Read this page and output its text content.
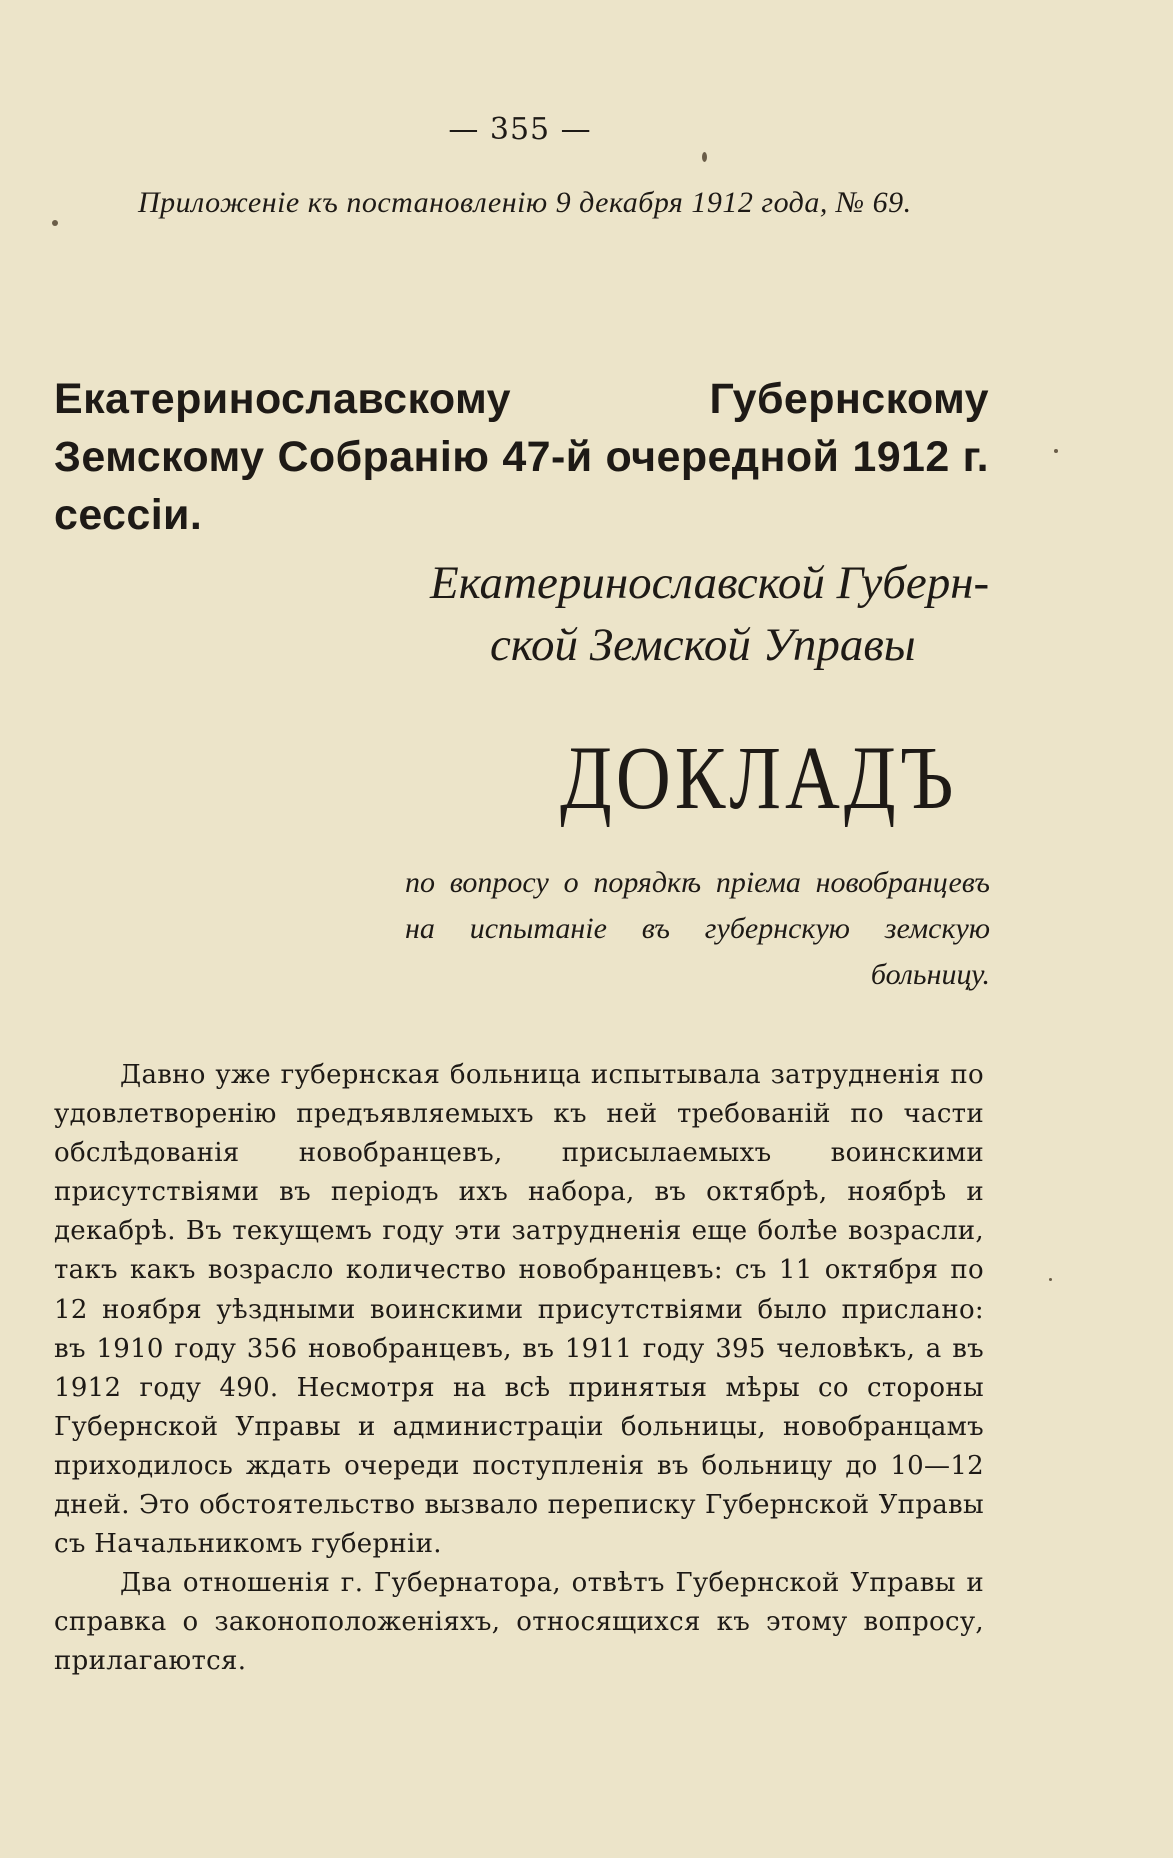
— 355 —
Приложеніе къ постановленію 9 декабря 1912 года, № 69.
Екатеринославскому Губернскому Земскому Собранію 47-й очередной 1912 г. сессіи.
Екатеринославской Губерн-
ской Земской Управы
ДОКЛАДЪ
по вопросу о порядкѣ пріема новобранцевъ на испытаніе въ губернскую земскую больницу.

Давно уже губернская больница испытывала затрудненія по удовлетворенію предъявляемыхъ къ ней требованій по части обслѣдованія новобранцевъ, присылаемыхъ воинскими присутствіями въ періодъ ихъ набора, въ октябрѣ, ноябрѣ и декабрѣ. Въ текущемъ году эти затрудненія еще болѣе возрасли, такъ какъ возрасло количество новобранцевъ: съ 11 октября по 12 ноября уѣздными воинскими присутствіями было прислано: въ 1910 году 356 новобранцевъ, въ 1911 году 395 человѣкъ, а въ 1912 году 490. Несмотря на всѣ принятыя мѣры со стороны Губернской Управы и администраціи больницы, новобранцамъ приходилось ждать очереди поступленія въ больницу до 10—12 дней. Это обстоятельство вызвало переписку Губернской Управы съ Начальникомъ губерніи.

Два отношенія г. Губернатора, отвѣтъ Губернской Управы и справка о законоположеніяхъ, относящихся къ этому вопросу, прилагаются.
